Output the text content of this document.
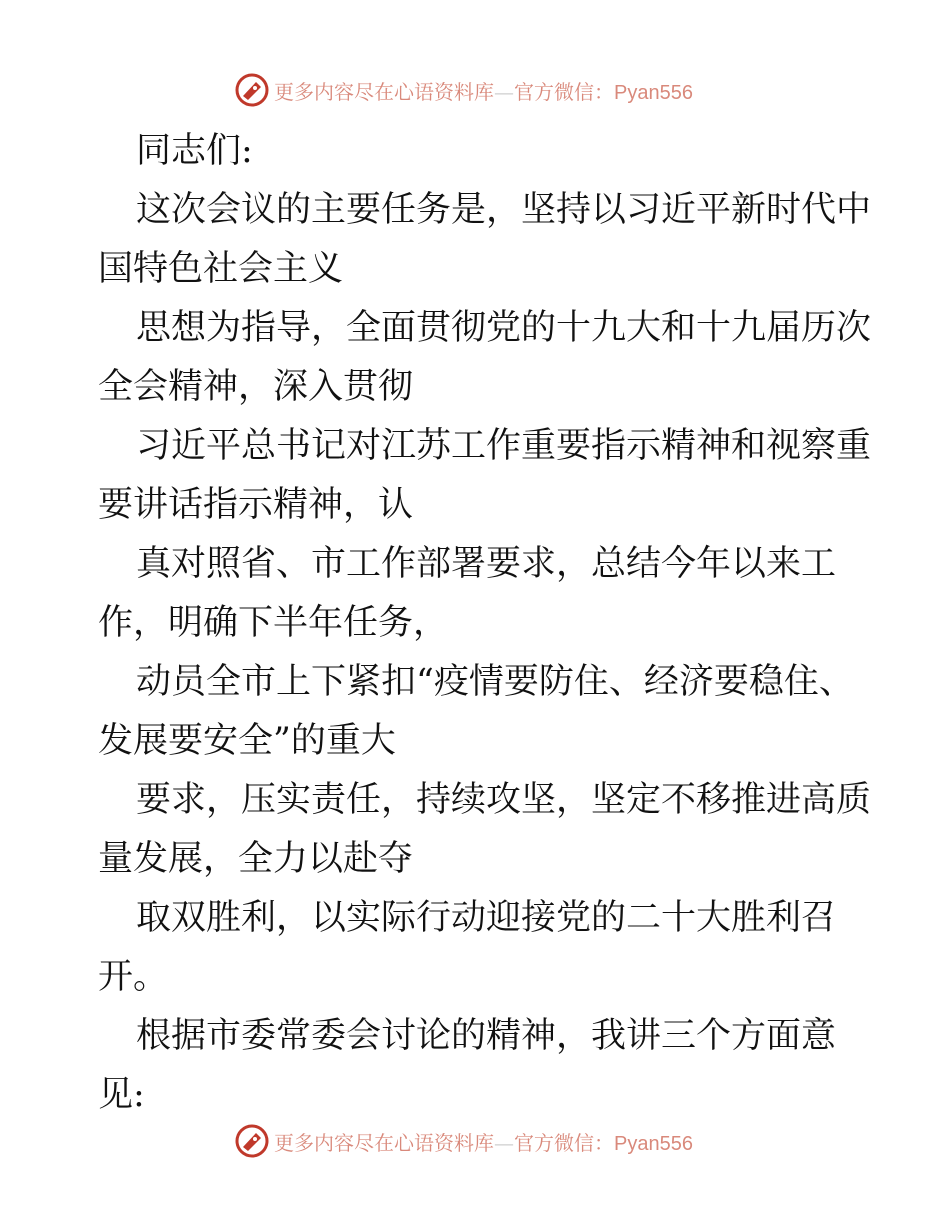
更多内容尽在心语资料库—官方微信：Pyan556
同志们:
这次会议的主要任务是，坚持以习近平新时代中
国特色社会主义
思想为指导，全面贯彻党的十九大和十九届历次
全会精神，深入贯彻
习近平总书记对江苏工作重要指示精神和视察重
要讲话指示精神，认
真对照省、市工作部署要求，总结今年以来工
作，明确下半年任务，
动员全市上下紧扣“疫情要防住、经济要稳住、
发展要安全”的重大
要求，压实责任，持续攻坚，坚定不移推进高质
量发展，全力以赴夺
取双胜利，以实际行动迎接党的二十大胜利召
开。
根据市委常委会讨论的精神，我讲三个方面意
见:
更多内容尽在心语资料库—官方微信：Pyan556
